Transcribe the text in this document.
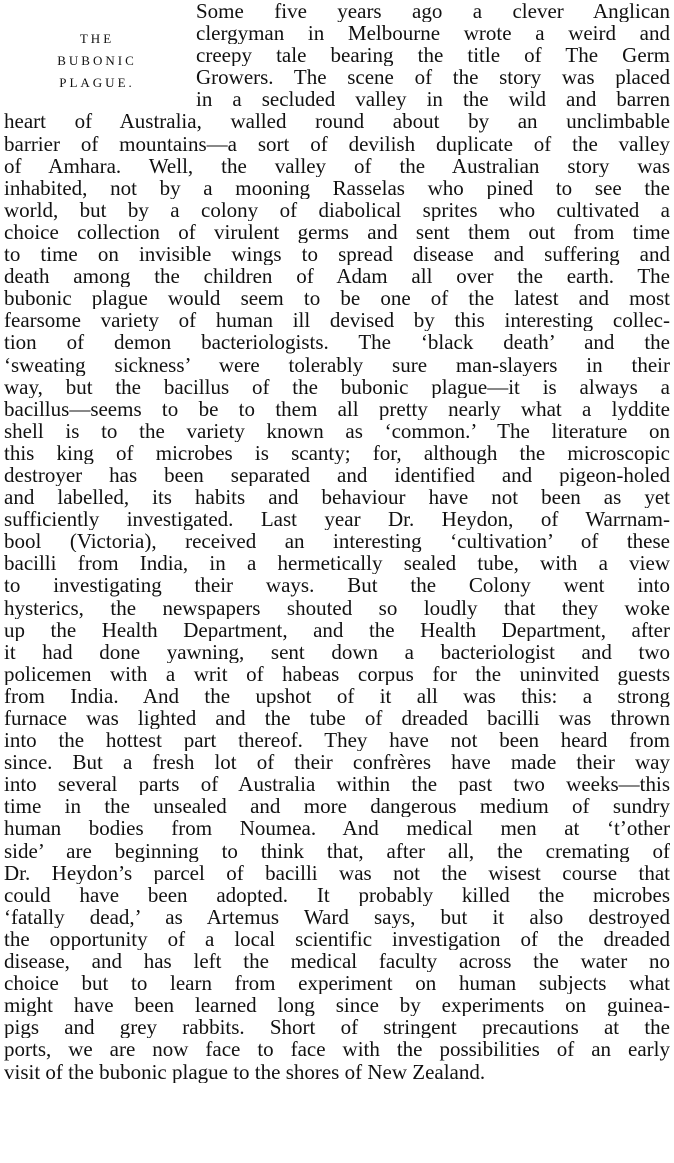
THE
BUBONIC
PLAGUE.
Some five years ago a clever Anglican
clergyman in Melbourne wrote a weird and
creepy tale bearing the title of The Germ
Growers. The scene of the story was placed
in a secluded valley in the wild and barren
heart of Australia, walled round about by an unclimbable
barrier of mountains—a sort of devilish duplicate of the valley
of Amhara. Well, the valley of the Australian story was
inhabited, not by a mooning Rasselas who pined to see the
world, but by a colony of diabolical sprites who cultivated a
choice collection of virulent germs and sent them out from time
to time on invisible wings to spread disease and suffering and
death among the children of Adam all over the earth. The
bubonic plague would seem to be one of the latest and most
fearsome variety of human ill devised by this interesting collec-
tion of demon bacteriologists. The ‘black death’ and the
‘sweating sickness’ were tolerably sure man-slayers in their
way, but the bacillus of the bubonic plague—it is always a
bacillus—seems to be to them all pretty nearly what a lyddite
shell is to the variety known as ‘common.’ The literature on
this king of microbes is scanty; for, although the microscopic
destroyer has been separated and identified and pigeon-holed
and labelled, its habits and behaviour have not been as yet
sufficiently investigated. Last year Dr. Heydon, of Warrnam-
bool (Victoria), received an interesting ‘cultivation’ of these
bacilli from India, in a hermetically sealed tube, with a view
to investigating their ways. But the Colony went into
hysterics, the newspapers shouted so loudly that they woke
up the Health Department, and the Health Department, after
it had done yawning, sent down a bacteriologist and two
policemen with a writ of habeas corpus for the uninvited guests
from India. And the upshot of it all was this: a strong
furnace was lighted and the tube of dreaded bacilli was thrown
into the hottest part thereof. They have not been heard from
since. But a fresh lot of their confrères have made their way
into several parts of Australia within the past two weeks—this
time in the unsealed and more dangerous medium of sundry
human bodies from Noumea. And medical men at ‘t’other
side’ are beginning to think that, after all, the cremating of
Dr. Heydon’s parcel of bacilli was not the wisest course that
could have been adopted. It probably killed the microbes
‘fatally dead,’ as Artemus Ward says, but it also destroyed
the opportunity of a local scientific investigation of the dreaded
disease, and has left the medical faculty across the water no
choice but to learn from experiment on human subjects what
might have been learned long since by experiments on guinea-
pigs and grey rabbits. Short of stringent precautions at the
ports, we are now face to face with the possibilities of an early
visit of the bubonic plague to the shores of New Zealand.
